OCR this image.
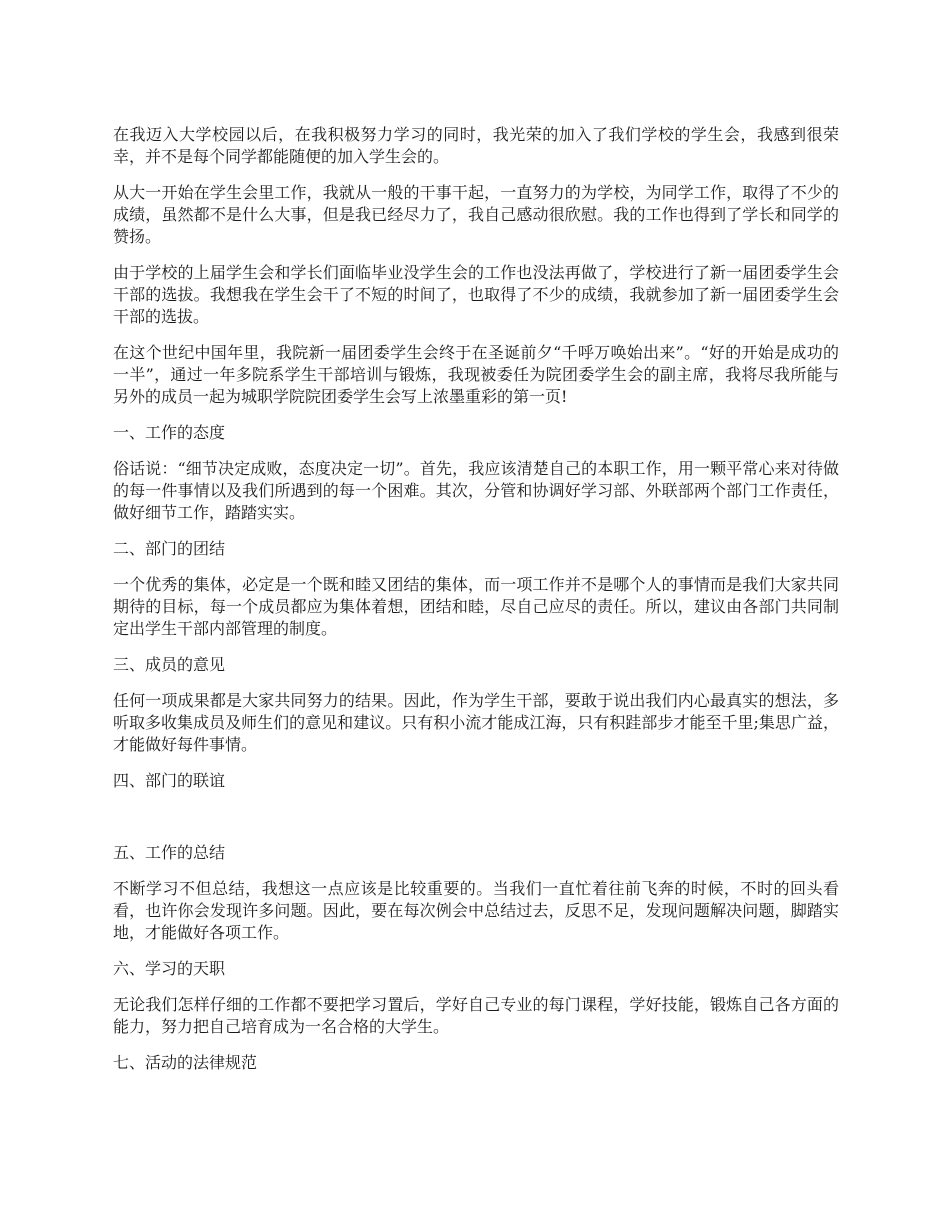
在我迈入大学校园以后，在我积极努力学习的同时，我光荣的加入了我们学校的学生会，我感到很荣幸，并不是每个同学都能随便的加入学生会的。

从大一开始在学生会里工作，我就从一般的干事干起，一直努力的为学校，为同学工作，取得了不少的成绩，虽然都不是什么大事，但是我已经尽力了，我自己感动很欣慰。我的工作也得到了学长和同学的赞扬。

由于学校的上届学生会和学长们面临毕业没学生会的工作也没法再做了，学校进行了新一届团委学生会干部的选拔。我想我在学生会干了不短的时间了，也取得了不少的成绩，我就参加了新一届团委学生会干部的选拔。

在这个世纪中国年里，我院新一届团委学生会终于在圣诞前夕“千呼万唤始出来”。“好的开始是成功的一半”，通过一年多院系学生干部培训与锻炼，我现被委任为院团委学生会的副主席，我将尽我所能与另外的成员一起为城职学院院团委学生会写上浓墨重彩的第一页!

一、工作的态度

俗话说：“细节决定成败，态度决定一切”。首先，我应该清楚自己的本职工作，用一颗平常心来对待做的每一件事情以及我们所遇到的每一个困难。其次，分管和协调好学习部、外联部两个部门工作责任，做好细节工作，踏踏实实。

二、部门的团结

一个优秀的集体，必定是一个既和睦又团结的集体，而一项工作并不是哪个人的事情而是我们大家共同期待的目标，每一个成员都应为集体着想，团结和睦，尽自己应尽的责任。所以，建议由各部门共同制定出学生干部内部管理的制度。

三、成员的意见

任何一项成果都是大家共同努力的结果。因此，作为学生干部，要敢于说出我们内心最真实的想法，多听取多收集成员及师生们的意见和建议。只有积小流才能成江海，只有积跬部步才能至千里;集思广益，才能做好每件事情。

四、部门的联谊

五、工作的总结

不断学习不但总结，我想这一点应该是比较重要的。当我们一直忙着往前飞奔的时候，不时的回头看看，也许你会发现许多问题。因此，要在每次例会中总结过去，反思不足，发现问题解决问题，脚踏实地，才能做好各项工作。

六、学习的天职

无论我们怎样仔细的工作都不要把学习置后，学好自己专业的每门课程，学好技能，锻炼自己各方面的能力，努力把自己培育成为一名合格的大学生。

七、活动的法律规范
